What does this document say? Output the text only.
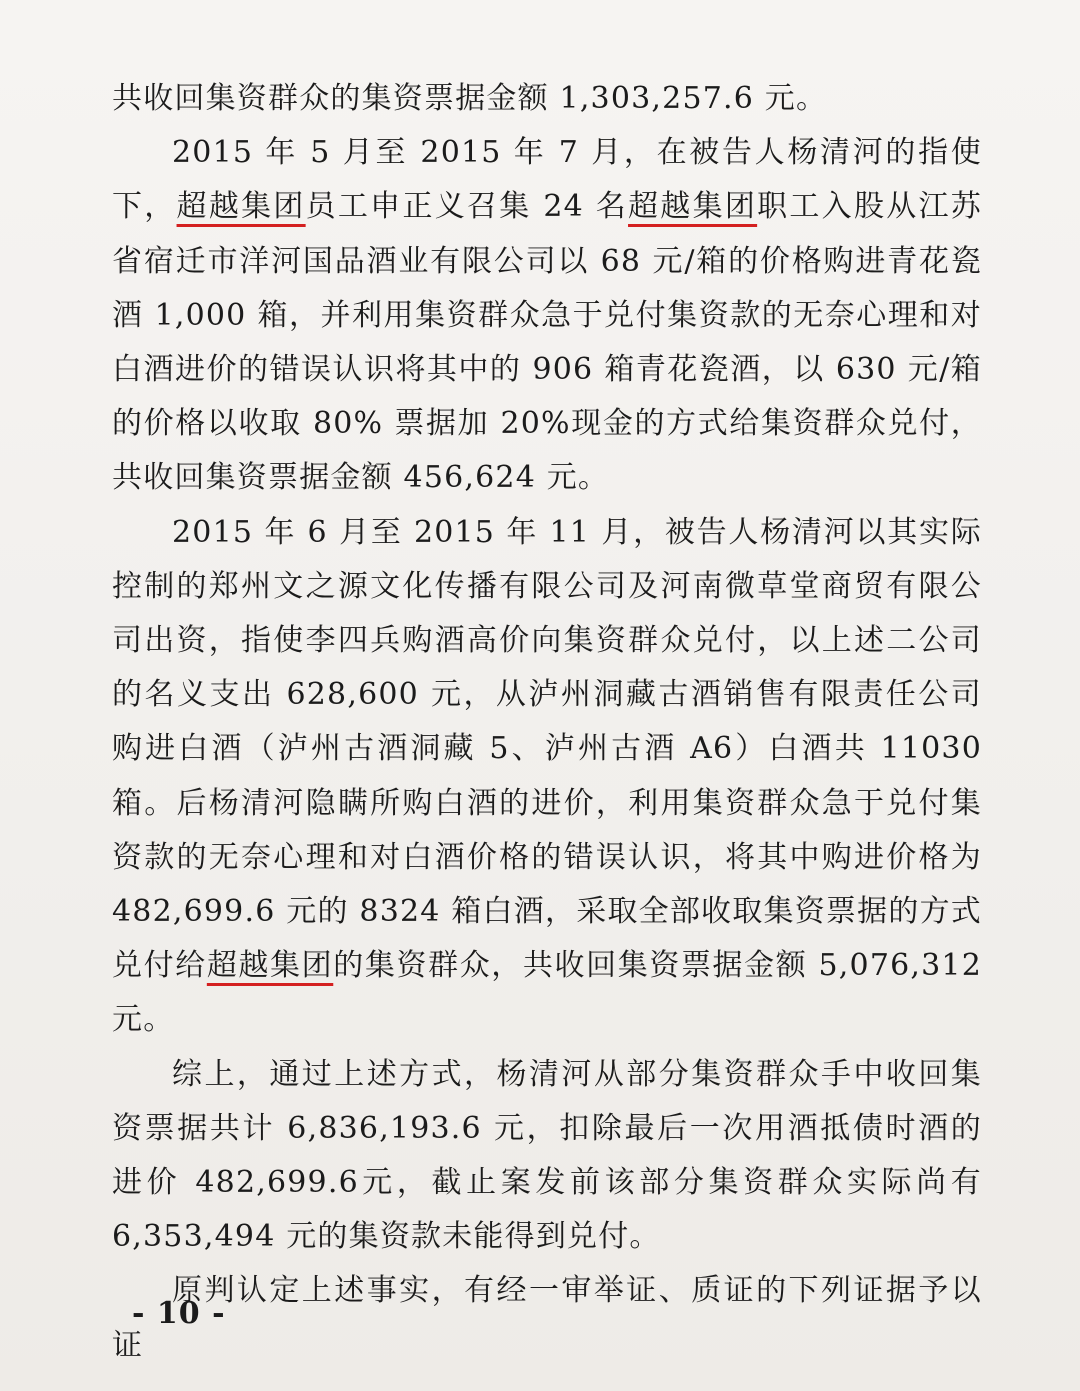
共收回集资群众的集资票据金额 1,303,257.6 元。

2015 年 5 月至 2015 年 7 月，在被告人杨清河的指使下，超越集团员工申正义召集 24 名超越集团职工入股从江苏省宿迁市洋河国品酒业有限公司以 68 元/箱的价格购进青花瓷酒 1,000 箱，并利用集资群众急于兑付集资款的无奈心理和对白酒进价的错误认识将其中的 906 箱青花瓷酒，以 630 元/箱的价格以收取 80% 票据加 20%现金的方式给集资群众兑付，共收回集资票据金额 456,624 元。

2015 年 6 月至 2015 年 11 月，被告人杨清河以其实际控制的郑州文之源文化传播有限公司及河南微草堂商贸有限公司出资，指使李四兵购酒高价向集资群众兑付，以上述二公司的名义支出 628,600 元，从泸州洞藏古酒销售有限责任公司购进白酒（泸州古酒洞藏 5、泸州古酒 A6）白酒共 11030 箱。后杨清河隐瞒所购白酒的进价，利用集资群众急于兑付集资款的无奈心理和对白酒价格的错误认识，将其中购进价格为 482,699.6 元的 8324 箱白酒，采取全部收取集资票据的方式兑付给超越集团的集资群众，共收回集资票据金额 5,076,312 元。

综上，通过上述方式，杨清河从部分集资群众手中收回集资票据共计 6,836,193.6 元，扣除最后一次用酒抵债时酒的进价 482,699.6元，截止案发前该部分集资群众实际尚有 6,353,494 元的集资款未能得到兑付。

原判认定上述事实，有经一审举证、质证的下列证据予以证

- 10 -
